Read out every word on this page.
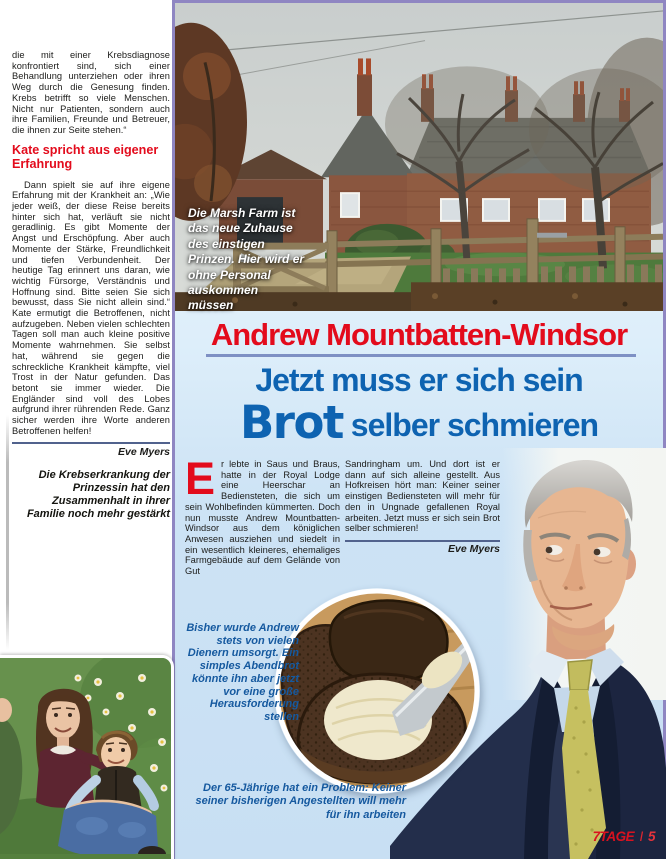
die mit einer Krebsdiagnose konfrontiert sind, sich einer Behandlung unterziehen oder ihren Weg durch die Genesung finden. Krebs betrifft so viele Menschen. Nicht nur Patienten, sondern auch ihre Familien, Freunde und Betreuer, die ihnen zur Seite stehen.“

Kate spricht aus eigener Erfahrung

Dann spielt sie auf ihre eigene Erfahrung mit der Krankheit an: „Wie jeder weiß, der diese Reise bereits hinter sich hat, verläuft sie nicht geradlinig. Es gibt Momente der Angst und Erschöpfung. Aber auch Momente der Stärke, Freundlichkeit und tiefen Verbundenheit. Der heutige Tag erinnert uns daran, wie wichtig Fürsorge, Verständnis und Hoffnung sind. Bitte seien Sie sich bewusst, dass Sie nicht allein sind.“ Kate ermutigt die Betroffenen, nicht aufzugeben. Neben vielen schlechten Tagen soll man auch kleine positive Momente wahrnehmen. Sie selbst hat, während sie gegen die schreckliche Krankheit kämpfte, viel Trost in der Natur gefunden. Das betont sie immer wieder. Die Engländer sind voll des Lobes aufgrund ihrer rührenden Rede. Ganz sicher werden ihre Worte anderen Betroffenen helfen!

Eve Myers

Die Krebserkrankung der Prinzessin hat den Zusammenhalt in ihrer Familie noch mehr gestärkt

Die Marsh Farm ist das neue Zuhause des einstigen Prinzen. Hier wird er ohne Personal auskommen müssen
Andrew Mountbatten-Windsor
Jetzt muss er sich sein
Brot selber schmieren
E r lebte in Saus und Braus, hatte in der Royal Lodge eine Heerschar an Bediensteten, die sich um sein Wohlbefinden kümmerten. Doch nun musste Andrew Mountbatten-Windsor aus dem königlichen Anwesen ausziehen und siedelt in ein wesentlich kleineres, ehemaliges Farmgebäude auf dem Gelände von Gut
Sandringham um. Und dort ist er dann auf sich alleine gestellt. Aus Hofkreisen hört man: Keiner seiner einstigen Bediensteten will mehr für den in Ungnade gefallenen Royal arbeiten. Jetzt muss er sich sein Brot selber schmieren!

Eve Myers

Bisher wurde Andrew stets von vielen Dienern umsorgt. Ein simples Abendbrot könnte ihn aber jetzt vor eine große Herausforderung stellen
Der 65-Jährige hat ein Problem: Keiner seiner bisherigen Angestellten will mehr für ihn arbeiten
7TAGE I 5
